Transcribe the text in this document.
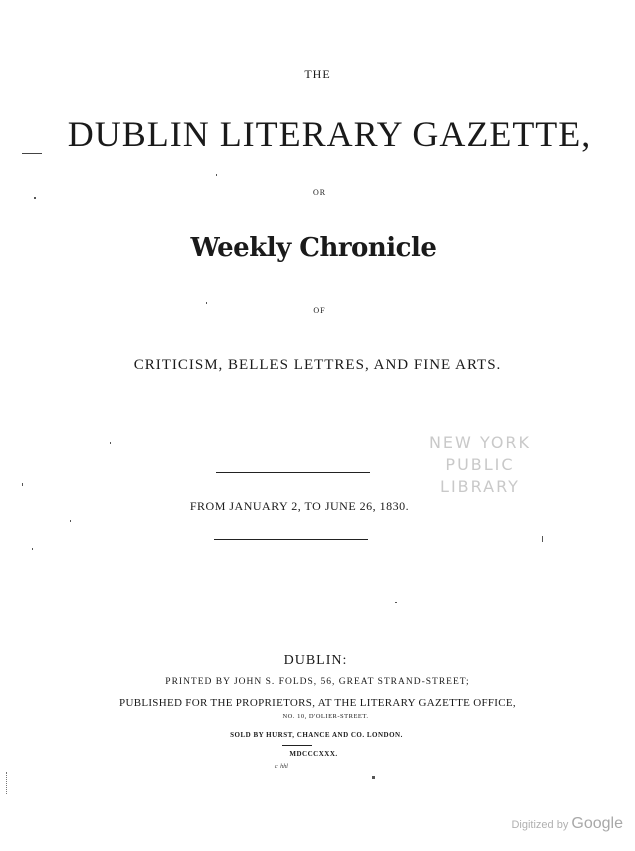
THE
DUBLIN LITERARY GAZETTE,
OR
Weekly Chronicle
OF
CRITICISM, BELLES LETTRES, AND FINE ARTS.
FROM JANUARY 2, TO JUNE 26, 1830.
NEW YORK
PUBLIC
LIBRARY
DUBLIN:
PRINTED BY JOHN S. FOLDS, 56, GREAT STRAND-STREET;
PUBLISHED FOR THE PROPRIETORS, AT THE LITERARY GAZETTE OFFICE,
NO. 10, D'OLIER-STREET.
SOLD BY HURST, CHANCE AND CO. LONDON.
MDCCCXXX.
ᶜ ʰʰˡ
Digitized by Google
